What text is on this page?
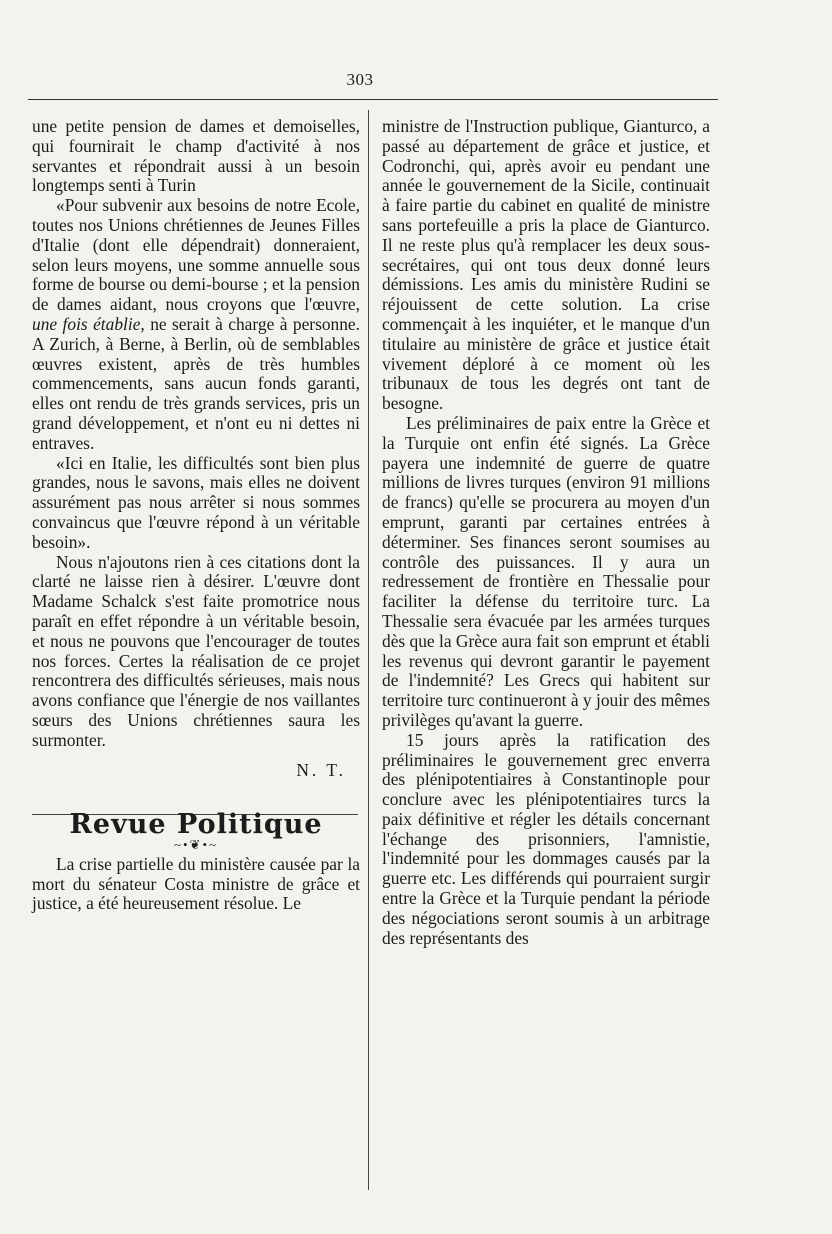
303

une petite pension de dames et demoiselles, qui fournirait le champ d'activité à nos servantes et répondrait aussi à un besoin longtemps senti à Turin

«Pour subvenir aux besoins de notre Ecole, toutes nos Unions chrétiennes de Jeunes Filles d'Italie (dont elle dépendrait) donneraient, selon leurs moyens, une somme annuelle sous forme de bourse ou demi-bourse ; et la pension de dames aidant, nous croyons que l'œuvre, une fois établie, ne serait à charge à personne. A Zurich, à Berne, à Berlin, où de semblables œuvres existent, après de très humbles commencements, sans aucun fonds garanti, elles ont rendu de très grands services, pris un grand développement, et n'ont eu ni dettes ni entraves.

«Ici en Italie, les difficultés sont bien plus grandes, nous le savons, mais elles ne doivent assurément pas nous arrêter si nous sommes convaincus que l'œuvre répond à un véritable besoin».

Nous n'ajoutons rien à ces citations dont la clarté ne laisse rien à désirer. L'œuvre dont Madame Schalck s'est faite promotrice nous paraît en effet répondre à un véritable besoin, et nous ne pouvons que l'encourager de toutes nos forces. Certes la réalisation de ce projet rencontrera des difficultés sérieuses, mais nous avons confiance que l'énergie de nos vaillantes sœurs des Unions chrétiennes saura les surmonter.

N. T.

Revue Politique

~•❦•~

La crise partielle du ministère causée par la mort du sénateur Costa ministre de grâce et justice, a été heureusement résolue. Le

ministre de l'Instruction publique, Gianturco, a passé au département de grâce et justice, et Codronchi, qui, après avoir eu pendant une année le gouvernement de la Sicile, continuait à faire partie du cabinet en qualité de ministre sans portefeuille a pris la place de Gianturco. Il ne reste plus qu'à remplacer les deux sous-secrétaires, qui ont tous deux donné leurs démissions. Les amis du ministère Rudini se réjouissent de cette solution. La crise commençait à les inquiéter, et le manque d'un titulaire au ministère de grâce et justice était vivement déploré à ce moment où les tribunaux de tous les degrés ont tant de besogne.

Les préliminaires de paix entre la Grèce et la Turquie ont enfin été signés. La Grèce payera une indemnité de guerre de quatre millions de livres turques (environ 91 millions de francs) qu'elle se procurera au moyen d'un emprunt, garanti par certaines entrées à déterminer. Ses finances seront soumises au contrôle des puissances. Il y aura un redressement de frontière en Thessalie pour faciliter la défense du territoire turc. La Thessalie sera évacuée par les armées turques dès que la Grèce aura fait son emprunt et établi les revenus qui devront garantir le payement de l'indemnité? Les Grecs qui habitent sur territoire turc continueront à y jouir des mêmes privilèges qu'avant la guerre.

15 jours après la ratification des préliminaires le gouvernement grec enverra des plénipotentiaires à Constantinople pour conclure avec les plénipotentiaires turcs la paix définitive et régler les détails concernant l'échange des prisonniers, l'amnistie, l'indemnité pour les dommages causés par la guerre etc. Les différends qui pourraient surgir entre la Grèce et la Turquie pendant la période des négociations seront soumis à un arbitrage des représentants des
